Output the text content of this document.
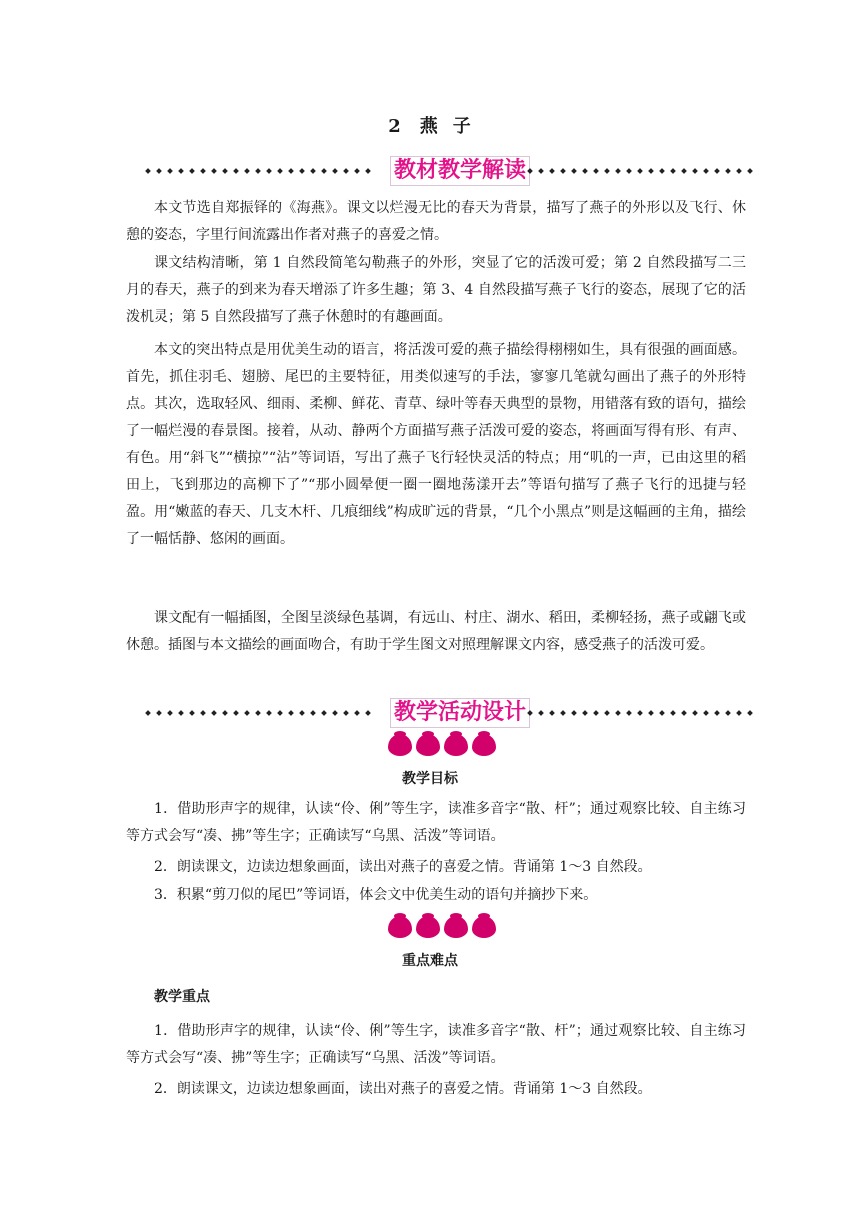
2 燕 子
教材教学解读
本文节选自郑振铎的《海燕》。课文以烂漫无比的春天为背景，描写了燕子的外形以及飞行、休憩的姿态，字里行间流露出作者对燕子的喜爱之情。
课文结构清晰，第 1 自然段简笔勾勒燕子的外形，突显了它的活泼可爱；第 2 自然段描写二三月的春天，燕子的到来为春天增添了许多生趣；第 3、4 自然段描写燕子飞行的姿态，展现了它的活泼机灵；第 5 自然段描写了燕子休憩时的有趣画面。
本文的突出特点是用优美生动的语言，将活泼可爱的燕子描绘得栩栩如生，具有很强的画面感。首先，抓住羽毛、翅膀、尾巴的主要特征，用类似速写的手法，寥寥几笔就勾画出了燕子的外形特点。其次，选取轻风、细雨、柔柳、鲜花、青草、绿叶等春天典型的景物，用错落有致的语句，描绘了一幅烂漫的春景图。接着，从动、静两个方面描写燕子活泼可爱的姿态，将画面写得有形、有声、有色。用“斜飞”“横掠”“沾”等词语，写出了燕子飞行轻快灵活的特点；用“叽的一声，已由这里的稻田上，飞到那边的高柳下了”“那小圆晕便一圈一圈地荡漾开去”等语句描写了燕子飞行的迅捷与轻盈。用“嫩蓝的春天、几支木杆、几痕细线”构成旷远的背景，“几个小黑点”则是这幅画的主角，描绘了一幅恬静、悠闲的画面。
课文配有一幅插图，全图呈淡绿色基调，有远山、村庄、湖水、稻田，柔柳轻扬，燕子或翩飞或休憩。插图与本文描绘的画面吻合，有助于学生图文对照理解课文内容，感受燕子的活泼可爱。
教学活动设计
教学目标
1．借助形声字的规律，认读“伶、俐”等生字，读准多音字“散、杆”；通过观察比较、自主练习等方式会写“凑、拂”等生字；正确读写“乌黑、活泼”等词语。
2．朗读课文，边读边想象画面，读出对燕子的喜爱之情。背诵第 1～3 自然段。
3．积累“剪刀似的尾巴”等词语，体会文中优美生动的语句并摘抄下来。
重点难点
教学重点
1．借助形声字的规律，认读“伶、俐”等生字，读准多音字“散、杆”；通过观察比较、自主练习等方式会写“凑、拂”等生字；正确读写“乌黑、活泼”等词语。
2．朗读课文，边读边想象画面，读出对燕子的喜爱之情。背诵第 1～3 自然段。
